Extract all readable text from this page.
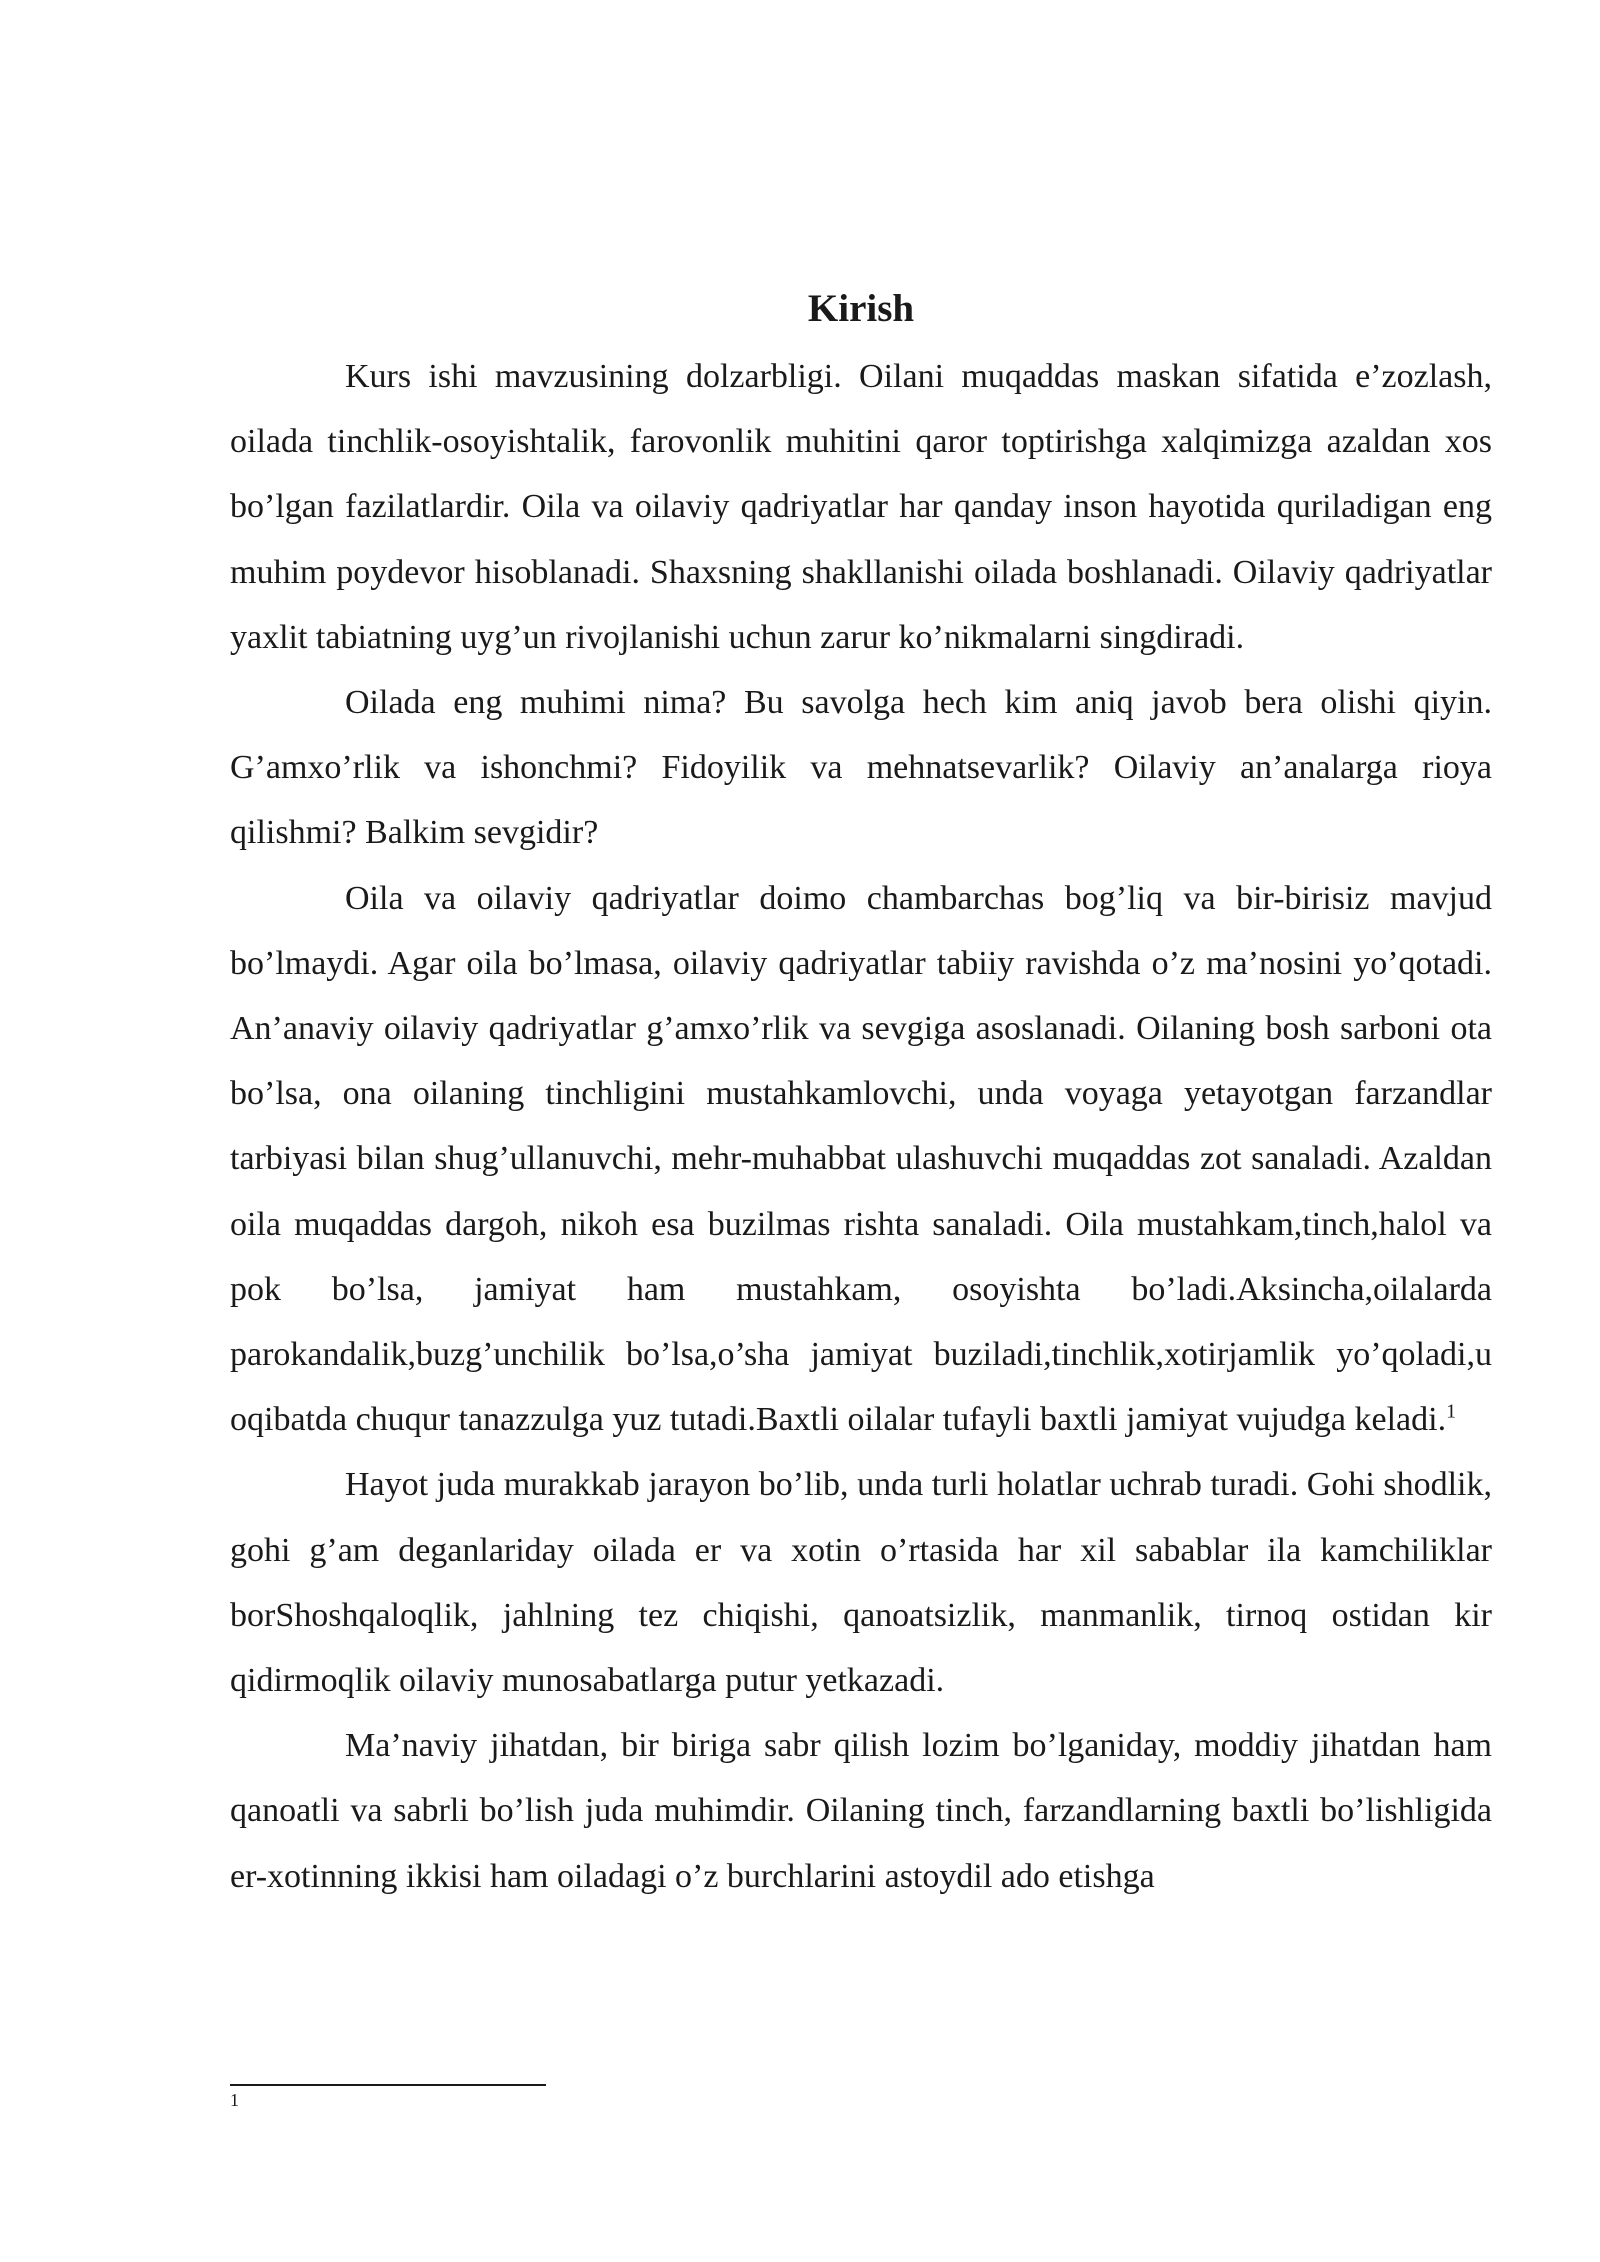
Kirish

Kurs ishi mavzusining dolzarbligi. Oilani muqaddas maskan sifatida e’zozlash, oilada tinchlik-osoyishtalik, farovonlik muhitini qaror toptirishga xalqimizga azaldan xos bo’lgan fazilatlardir. Oila va oilaviy qadriyatlar har qanday inson hayotida quriladigan eng muhim poydevor hisoblanadi. Shaxsning shakllanishi oilada boshlanadi. Oilaviy qadriyatlar yaxlit tabiatning uyg’un rivojlanishi uchun zarur ko’nikmalarni singdiradi.

Oilada eng muhimi nima? Bu savolga hech kim aniq javob bera olishi qiyin. G’amxo’rlik va ishonchmi? Fidoyilik va mehnatsevarlik? Oilaviy an’analarga rioya qilishmi? Balkim sevgidir?

Oila va oilaviy qadriyatlar doimo chambarchas bog’liq va bir-birisiz mavjud bo’lmaydi. Agar oila bo’lmasa, oilaviy qadriyatlar tabiiy ravishda o’z ma’nosini yo’qotadi. An’anaviy oilaviy qadriyatlar g’amxo’rlik va sevgiga asoslanadi. Oilaning bosh sarboni ota bo’lsa, ona oilaning tinchligini mustahkamlovchi, unda voyaga yetayotgan farzandlar tarbiyasi bilan shug’ullanuvchi, mehr-muhabbat ulashuvchi muqaddas zot sanaladi. Azaldan oila muqaddas dargoh, nikoh esa buzilmas rishta sanaladi. Oila mustahkam,tinch,halol va pok bo’lsa, jamiyat ham mustahkam, osoyishta bo’ladi.Aksincha,oilalarda parokandalik,buzg’unchilik bo’lsa,o’sha jamiyat buziladi,tinchlik,xotirjamlik yo’qoladi,u oqibatda chuqur tanazzulga yuz tutadi.Baxtli oilalar tufayli baxtli jamiyat vujudga keladi.$^1$

Hayot juda murakkab jarayon bo’lib, unda turli holatlar uchrab turadi. Gohi shodlik, gohi g’am deganlariday oilada er va xotin o’rtasida har xil sabablar ila kamchiliklar borShoshqaloqlik, jahlning tez chiqishi, qanoatsizlik, manmanlik, tirnoq ostidan kir qidirmoqlik oilaviy munosabatlarga putur yetkazadi.

Ma’naviy jihatdan, bir biriga sabr qilish lozim bo’lganiday, moddiy jihatdan ham qanoatli va sabrli bo’lish juda muhimdir. Oilaning tinch, farzandlarning baxtli bo’lishligida er-xotinning ikkisi ham oiladagi o’z burchlarini astoydil ado etishga

1
